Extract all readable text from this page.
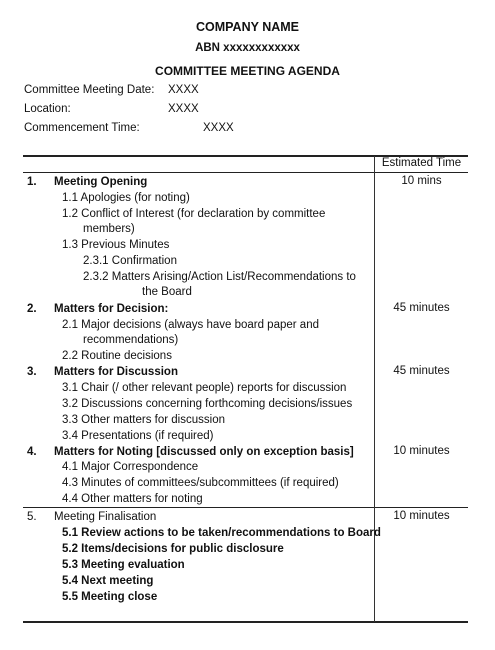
COMPANY NAME
ABN xxxxxxxxxxxx
COMMITTEE MEETING AGENDA
Committee Meeting Date: XXXX
Location:	XXXX
Commencement Time:	XXXX
Estimated Time
1. Meeting Opening	10 mins
1.1 Apologies (for noting)
1.2 Conflict of Interest (for declaration by committee
members)
1.3 Previous Minutes
2.3.1 Confirmation
2.3.2 Matters Arising/Action List/Recommendations to
the Board
2. Matters for Decision:	45 minutes
2.1 Major decisions (always have board paper and
recommendations)
2.2 Routine decisions
3. Matters for Discussion	45 minutes
3.1 Chair (/ other relevant people) reports for discussion
3.2 Discussions concerning forthcoming decisions/issues
3.3 Other matters for discussion
3.4 Presentations (if required)
4. Matters for Noting [discussed only on exception basis]	10 minutes
4.1 Major Correspondence
4.3 Minutes of committees/subcommittees (if required)
4.4 Other matters for noting
5. Meeting Finalisation	10 minutes
5.1 Review actions to be taken/recommendations to Board
5.2 Items/decisions for public disclosure
5.3 Meeting evaluation
5.4 Next meeting
5.5 Meeting close
